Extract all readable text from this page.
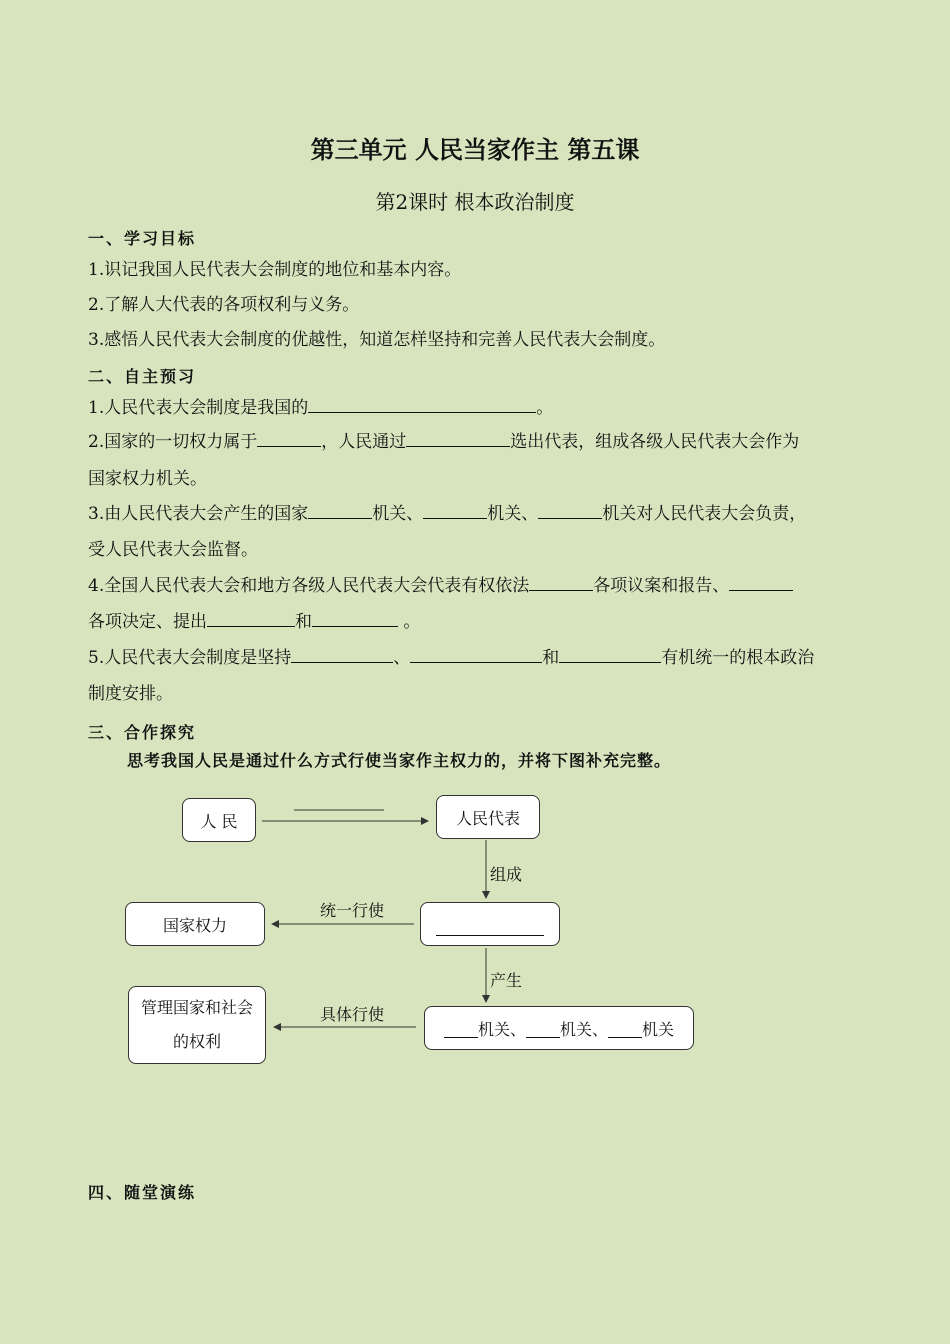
第三单元 人民当家作主 第五课
第2课时 根本政治制度
一、学习目标
1.识记我国人民代表大会制度的地位和基本内容。
2.了解人大代表的各项权利与义务。
3.感悟人民代表大会制度的优越性，知道怎样坚持和完善人民代表大会制度。
二、自主预习
1.人民代表大会制度是我国的	。
2.国家的一切权力属于	，人民通过	选出代表，组成各级人民代表大会作为
国家权力机关。
3.由人民代表大会产生的国家	机关、	机关、	机关对人民代表大会负责，
受人民代表大会监督。
4.全国人民代表大会和地方各级人民代表大会代表有权依法	各项议案和报告、
各项决定、提出	和	。
5.人民代表大会制度是坚持	、	和	有机统一的根本政治
制度安排。
三、合作探究
思考我国人民是通过什么方式行使当家作主权力的，并将下图补充完整。
人 民	人民代表
组成
国家权力
统一行使
产生
管理国家和社会的权利
具体行使
机关、 机关、 机关
四、随堂演练
